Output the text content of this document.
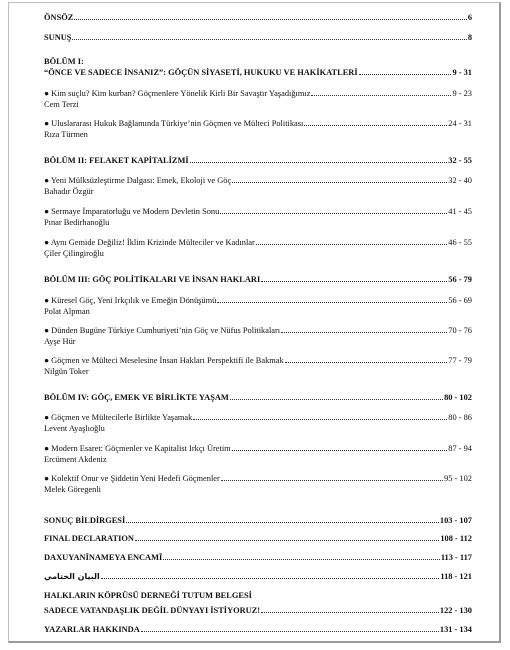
ÖNSÖZ	6
SUNUŞ	8
BÖLÜM I:
“ÖNCE VE SADECE İNSANIZ”: GÖÇÜN SİYASETİ, HUKUKU VE HAKİKATLERİ	9 - 31
● Kim suçlu? Kim kurban? Göçmenlere Yönelik Kirli Bir Savaştır Yaşadığımız	9 - 23
Cem Terzi
● Uluslararası Hukuk Bağlamında Türkiye’nin Göçmen ve Mülteci Politikası	24 - 31
Rıza Türmen
BÖLÜM II: FELAKET KAPİTALİZMİ	32 - 55
● Yeni Mülksüzleştirme Dalgası: Emek, Ekoloji ve Göç	32 - 40
Bahadır Özgür
● Sermaye İmparatorluğu ve Modern Devletin Sonu	41 - 45
Pınar Bedirhanoğlu
● Aynı Gemide Değiliz! İklim Krizinde Mülteciler ve Kadınlar	46 - 55
Çiler Çilingiroğlu
BÖLÜM III: GÖÇ POLİTİKALARI VE İNSAN HAKLARI	56 - 79
● Küresel Göç, Yeni Irkçılık ve Emeğin Dönüşümü	56 - 69
Polat Alpman
● Dünden Bugüne Türkiye Cumhuriyeti’nin Göç ve Nüfus Politikaları	70 - 76
Ayşe Hür
● Göçmen ve Mülteci Meselesine İnsan Hakları Perspektifi ile Bakmak	77 - 79
Nilgün Toker
BÖLÜM IV: GÖÇ, EMEK VE BİRLİKTE YAŞAM	80 - 102
● Göçmen ve Mültecilerle Birlikte Yaşamak	80 - 86
Levent Ayaşlıoğlu
● Modern Esaret: Göçmenler ve Kapitalist Irkçı Üretim	87 - 94
Ercüment Akdeniz
● Kolektif Onur ve Şiddetin Yeni Hedefi Göçmenler	95 - 102
Melek Göregenli
SONUÇ BİLDİRGESİ	103 - 107
FINAL DECLARATION	108 - 112
DAXUYANÎNAMEYA ENCAMÎ	113 - 117
البيان الختامي	118 - 121
HALKLARIN KÖPRÜSÜ DERNEĞİ TUTUM BELGESİ
SADECE VATANDAŞLIK DEĞİL DÜNYAYI İSTİYORUZ!	122 - 130
YAZARLAR HAKKINDA	131 - 134
